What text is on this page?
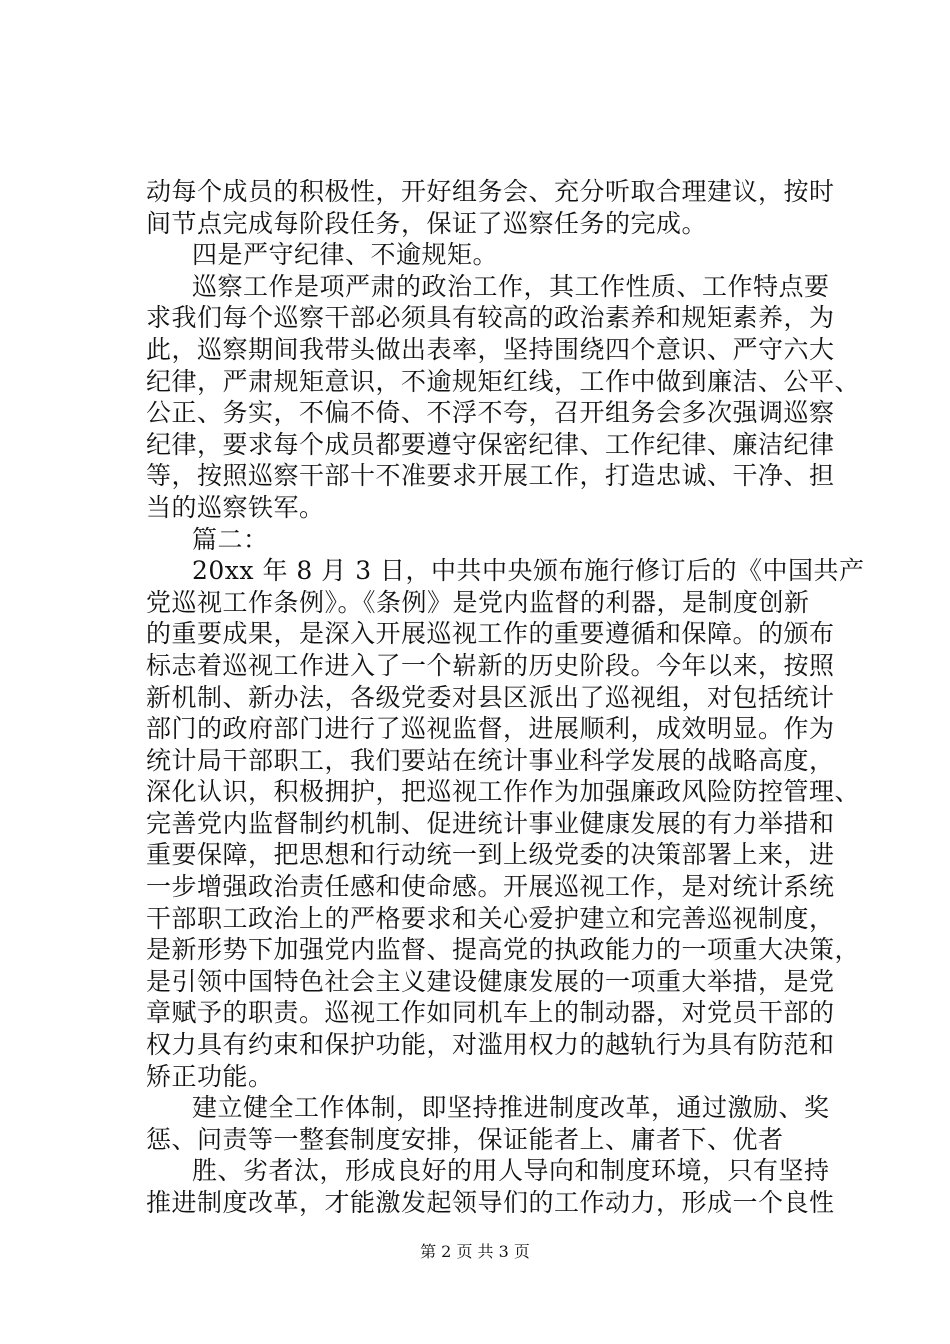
动每个成员的积极性，开好组务会、充分听取合理建议，按时
间节点完成每阶段任务，保证了巡察任务的完成。
四是严守纪律、不逾规矩。
巡察工作是项严肃的政治工作，其工作性质、工作特点要
求我们每个巡察干部必须具有较高的政治素养和规矩素养，为
此，巡察期间我带头做出表率，坚持围绕四个意识、严守六大
纪律，严肃规矩意识，不逾规矩红线，工作中做到廉洁、公平、
公正、务实，不偏不倚、不浮不夸，召开组务会多次强调巡察
纪律，要求每个成员都要遵守保密纪律、工作纪律、廉洁纪律
等，按照巡察干部十不准要求开展工作，打造忠诚、干净、担
当的巡察铁军。
篇二：
20xx 年 8 月 3 日，中共中央颁布施行修订后的《中国共产
党巡视工作条例》。《条例》是党内监督的利器，是制度创新
的重要成果，是深入开展巡视工作的重要遵循和保障。的颁布
标志着巡视工作进入了一个崭新的历史阶段。今年以来，按照
新机制、新办法，各级党委对县区派出了巡视组，对包括统计
部门的政府部门进行了巡视监督，进展顺利，成效明显。作为
统计局干部职工，我们要站在统计事业科学发展的战略高度，
深化认识，积极拥护，把巡视工作作为加强廉政风险防控管理、
完善党内监督制约机制、促进统计事业健康发展的有力举措和
重要保障，把思想和行动统一到上级党委的决策部署上来，进
一步增强政治责任感和使命感。开展巡视工作，是对统计系统
干部职工政治上的严格要求和关心爱护建立和完善巡视制度，
是新形势下加强党内监督、提高党的执政能力的一项重大决策，
是引领中国特色社会主义建设健康发展的一项重大举措，是党
章赋予的职责。巡视工作如同机车上的制动器，对党员干部的
权力具有约束和保护功能，对滥用权力的越轨行为具有防范和
矫正功能。
建立健全工作体制，即坚持推进制度改革，通过激励、奖
惩、问责等一整套制度安排，保证能者上、庸者下、优者
胜、劣者汰，形成良好的用人导向和制度环境，只有坚持
推进制度改革，才能激发起领导们的工作动力，形成一个良性
第 2 页 共 3 页
